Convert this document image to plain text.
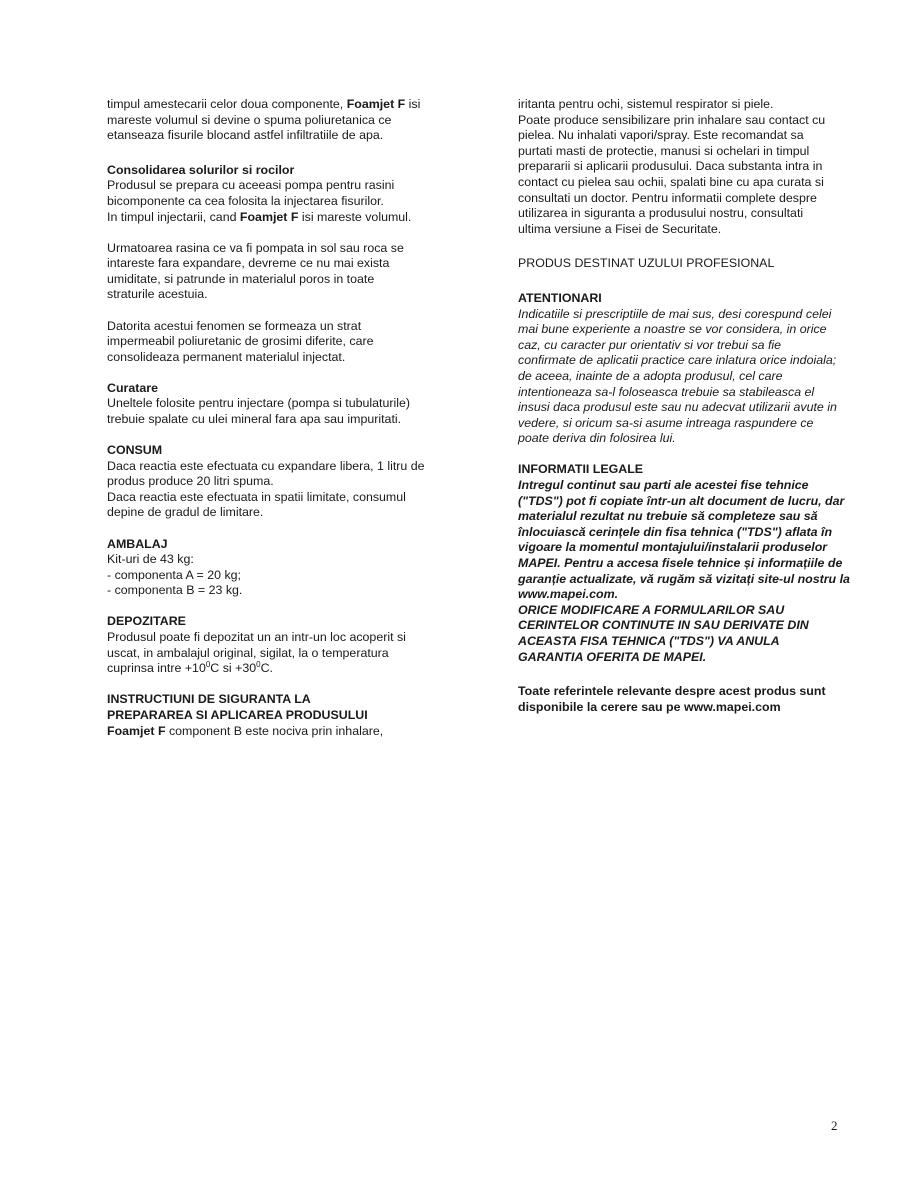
timpul amestecarii celor doua componente, Foamjet F isi
mareste volumul si devine o spuma poliuretanica ce
etanseaza fisurile blocand astfel infiltratiile de apa.

Consolidarea solurilor si rocilor

Produsul se prepara cu aceeasi pompa pentru rasini
bicomponente ca cea folosita la injectarea fisurilor.
In timpul injectarii, cand Foamjet F isi mareste volumul.

Urmatoarea rasina ce va fi pompata in sol sau roca se
intareste fara expandare, devreme ce nu mai exista
umiditate, si patrunde in materialul poros in toate
straturile acestuia.

Datorita acestui fenomen se formeaza un strat
impermeabil poliuretanic de grosimi diferite, care
consolideaza permanent materialul injectat.

Curatare

Uneltele folosite pentru injectare (pompa si tubulaturile)
trebuie spalate cu ulei mineral fara apa sau impuritati.

CONSUM

Daca reactia este efectuata cu expandare libera, 1 litru de
produs produce 20 litri spuma.
Daca reactia este efectuata in spatii limitate, consumul
depine de gradul de limitare.

AMBALAJ

Kit-uri de 43 kg:
- componenta A = 20 kg;
- componenta B = 23 kg.

DEPOZITARE

Produsul poate fi depozitat un an intr-un loc acoperit si
uscat, in ambalajul original, sigilat, la o temperatura
cuprinsa intre $+10^0C$ si $+30^0C$.

INSTRUCTIUNI DE SIGURANTA LA
PREPARAREA SI APLICAREA PRODUSULUI

Foamjet F component B este nociva prin inhalare,

iritanta pentru ochi, sistemul respirator si piele.
Poate produce sensibilizare prin inhalare sau contact cu
pielea. Nu inhalati vapori/spray. Este recomandat sa
purtati masti de protectie, manusi si ochelari in timpul
prepararii si aplicarii produsului. Daca substanta intra in
contact cu pielea sau ochii, spalati bine cu apa curata si
consultati un doctor. Pentru informatii complete despre
utilizarea in siguranta a produsului nostru, consultati
ultima versiune a Fisei de Securitate.

PRODUS DESTINAT UZULUI PROFESIONAL

ATENTIONARI

Indicatiile si prescriptiile de mai sus, desi corespund celei
mai bune experiente a noastre se vor considera, in orice
caz, cu caracter pur orientativ si vor trebui sa fie
confirmate de aplicatii practice care inlatura orice indoiala;
de aceea, inainte de a adopta produsul, cel care
intentioneaza sa-l foloseasca trebuie sa stabileasca el
insusi daca produsul este sau nu adecvat utilizarii avute in
vedere, si oricum sa-si asume intreaga raspundere ce
poate deriva din folosirea lui.

INFORMATII LEGALE

Intregul continut sau parti ale acestei fise tehnice
("TDS") pot fi copiate într-un alt document de lucru, dar
materialul rezultat nu trebuie să completeze sau să
înlocuiască cerințele din fisa tehnica ("TDS") aflata în
vigoare la momentul montajului/instalarii produselor
MAPEI. Pentru a accesa fisele tehnice și informațiile de
garanție actualizate, vă rugăm să vizitați site-ul nostru la
www.mapei.com.

ORICE MODIFICARE A FORMULARILOR SAU
CERINTELOR CONTINUTE IN SAU DERIVATE DIN
ACEASTA FISA TEHNICA ("TDS") VA ANULA
GARANTIA OFERITA DE MAPEI.

Toate referintele relevante despre acest produs sunt
disponibile la cerere sau pe www.mapei.com

2
